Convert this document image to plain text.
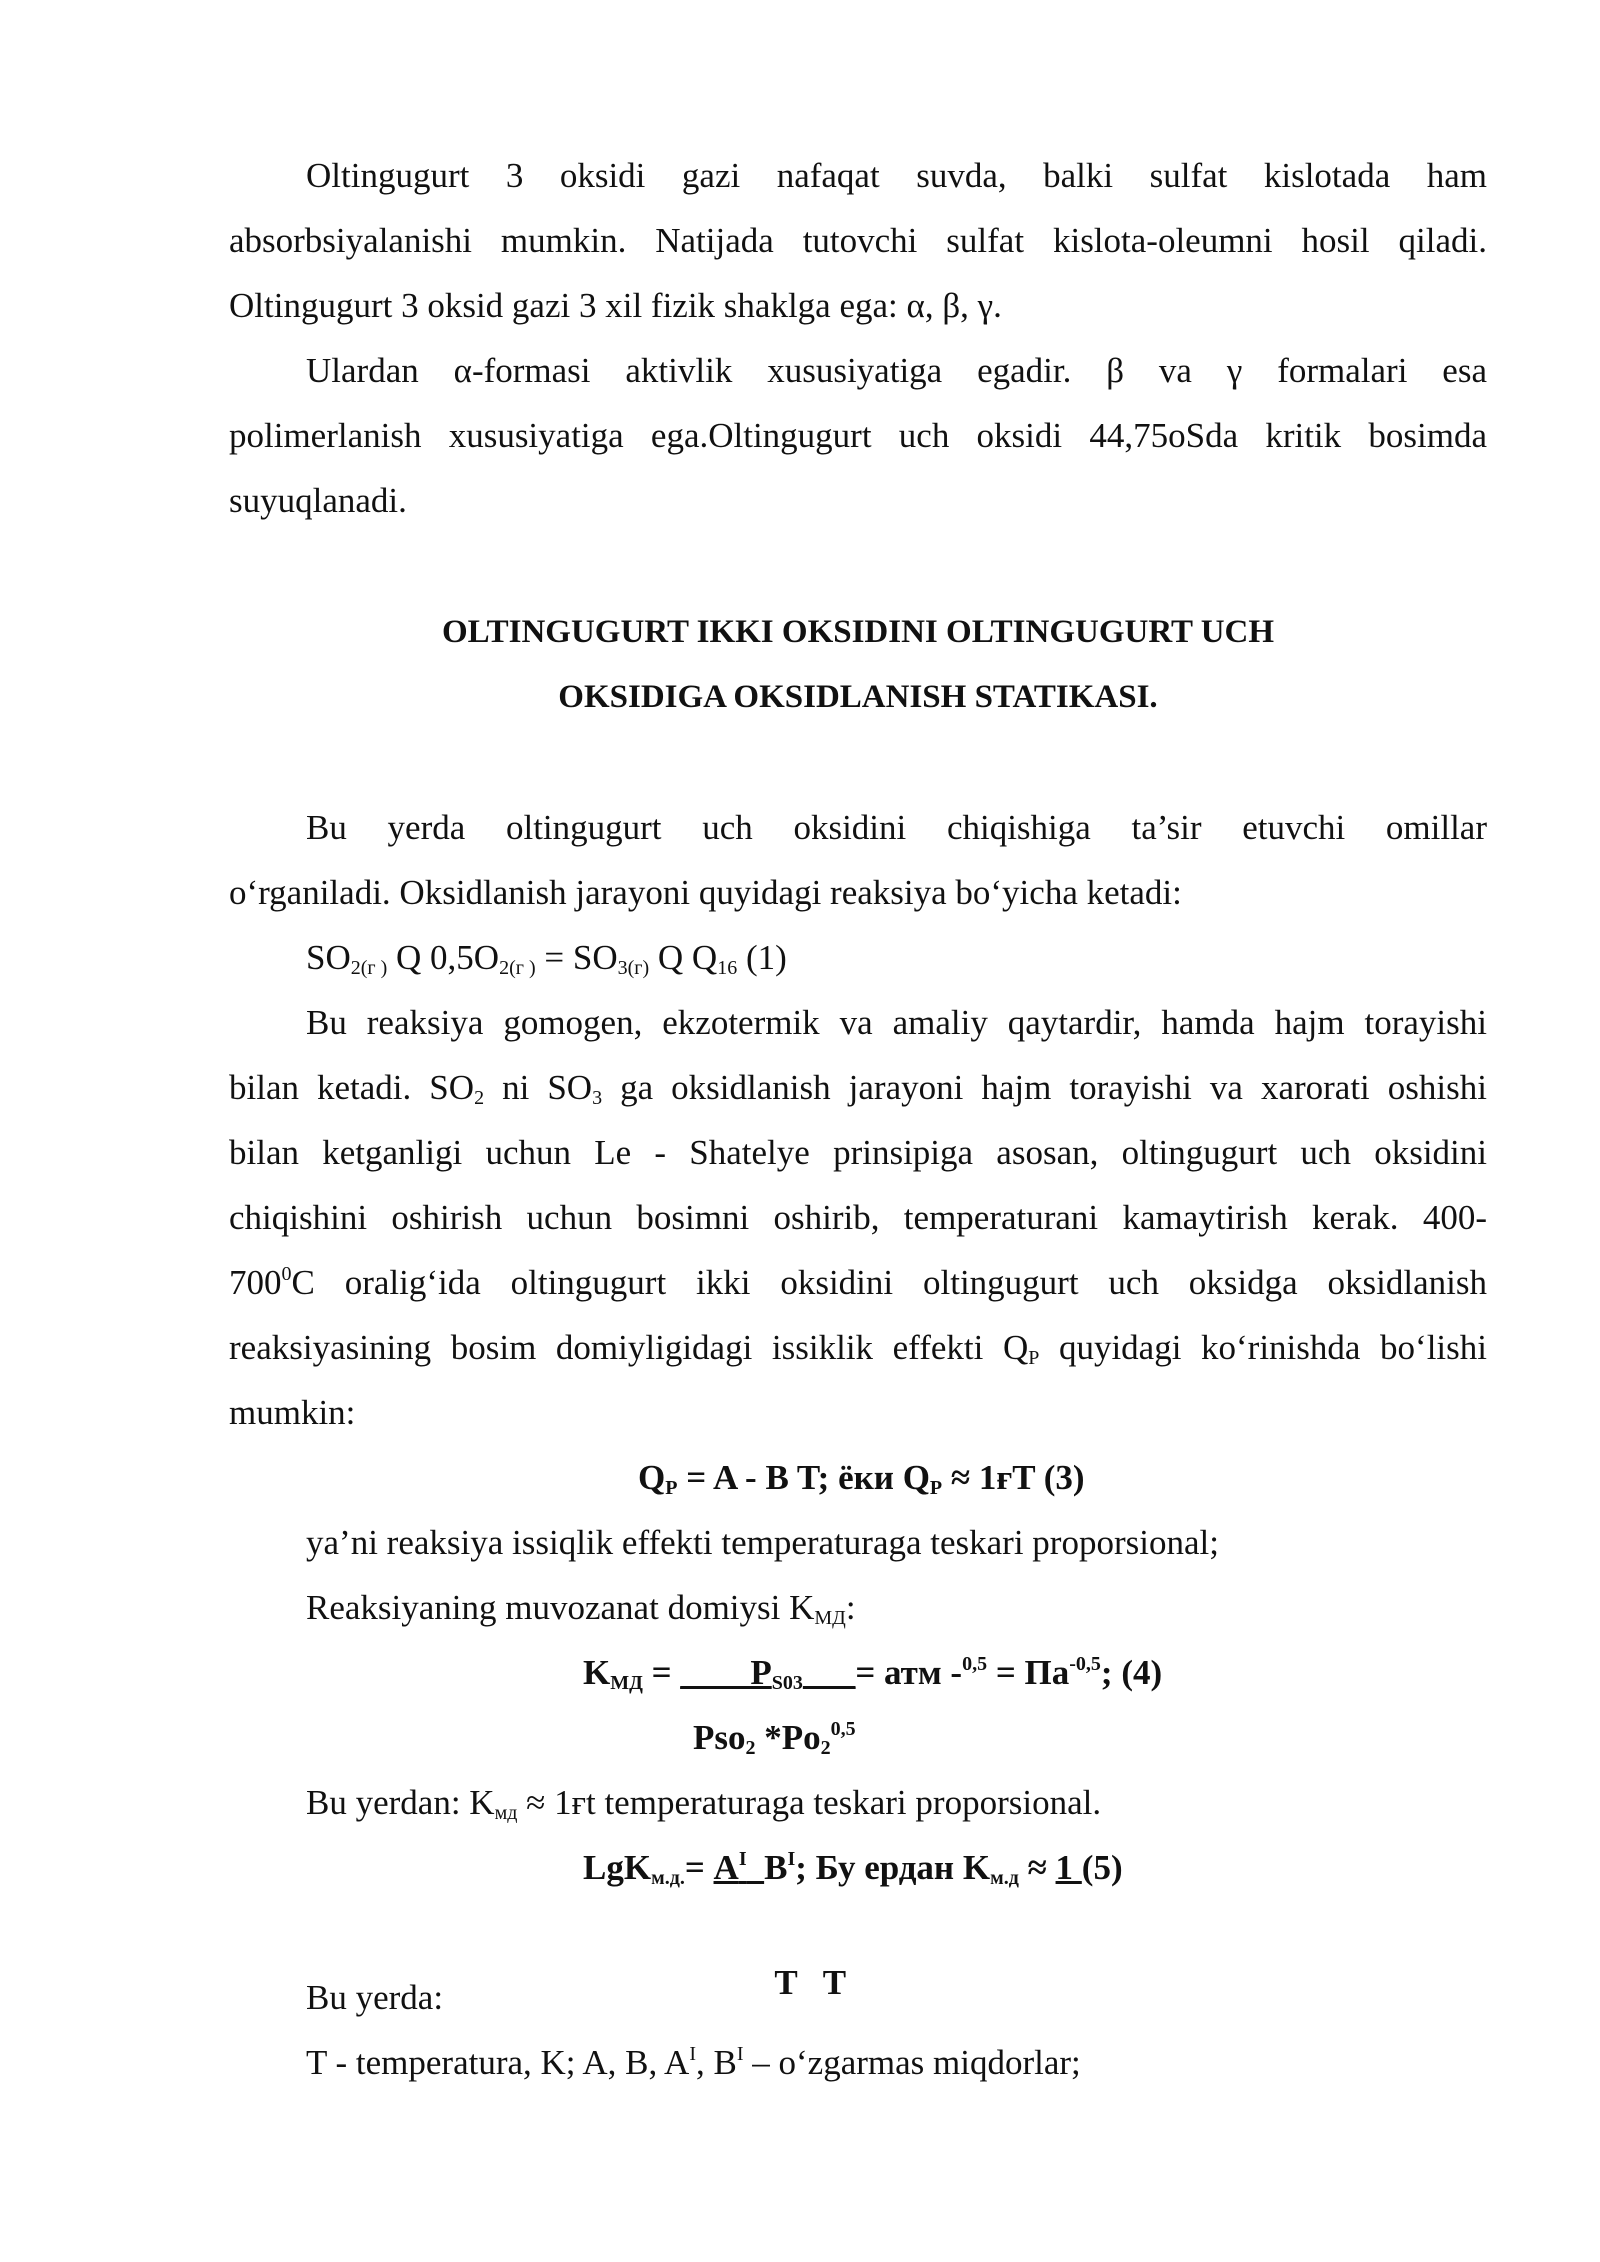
Oltingugurt 3 oksidi gazi nafaqat suvda, balki sulfat kislotada ham

absorbsiyalanishi mumkin. Natijada tutovchi sulfat kislota-oleumni hosil qiladi.

Oltingugurt 3 oksid gazi 3 xil fizik shaklga ega: α, β, γ.

Ulardan α-formasi aktivlik xususiyatiga egadir. β va γ formalari esa

polimerlanish xususiyatiga ega.Oltingugurt uch oksidi 44,75oSda kritik bosimda

suyuqlanadi.

OLTINGUGURT IKKI OKSIDINI OLTINGUGURT UCH

OKSIDIGA OKSIDLANISH STATIKASI.

Bu yerda oltingugurt uch oksidini chiqishiga ta’sir etuvchi omillar

o‘rganiladi. Oksidlanish jarayoni quyidagi reaksiya bo‘yicha ketadi:

$SO_{2(г )}$ Q $0,5O_{2(г )} = SO_{3(г)}$ Q $Q_{16}$ (1)

Bu reaksiya gomogen, ekzotermik va amaliy qaytardir, hamda hajm torayishi

bilan ketadi. $SO_2$ ni $SO_3$ ga oksidlanish jarayoni hajm torayishi va xarorati oshishi

bilan ketganligi uchun Le - Shatelye prinsipiga asosan, oltingugurt uch oksidini

chiqishini oshirish uchun bosimni oshirib, temperaturani kamaytirish kerak. 400-

$700^0C$ oralig‘ida oltingugurt ikki oksidini oltingugurt uch oksidga oksidlanish

reaksiyasining bosim domiyligidagi issiklik effekti $Q_P$ quyidagi ko‘rinishda bo‘lishi

mumkin:

$Q_P = A - B$ T; ёки $Q_P \approx 1ғT$ (3)

ya’ni reaksiya issiqlik effekti temperaturaga teskari proporsional;

Reaksiyaning muvozanat domiysi $K_{МД}$:

$K_{МД}$ = $\_\_\_\_P_{S03}$ _ _= атм $-^{0,5} = Па^{-0,5}$; (4)

Pso$_2$ $*Po_2^{0,5}$

Bu yerdan: $K_{мд} \approx 1ғt$ temperaturaga teskari proporsional.

$LgK_{м.д.}= A^I$ $B^I$; Бу ердан $K_{м.д} \approx 1$ (5)

T   T

Bu yerda:

T - temperatura, K; A, B, $A^I$, $B^I$ – o‘zgarmas miqdorlar;
